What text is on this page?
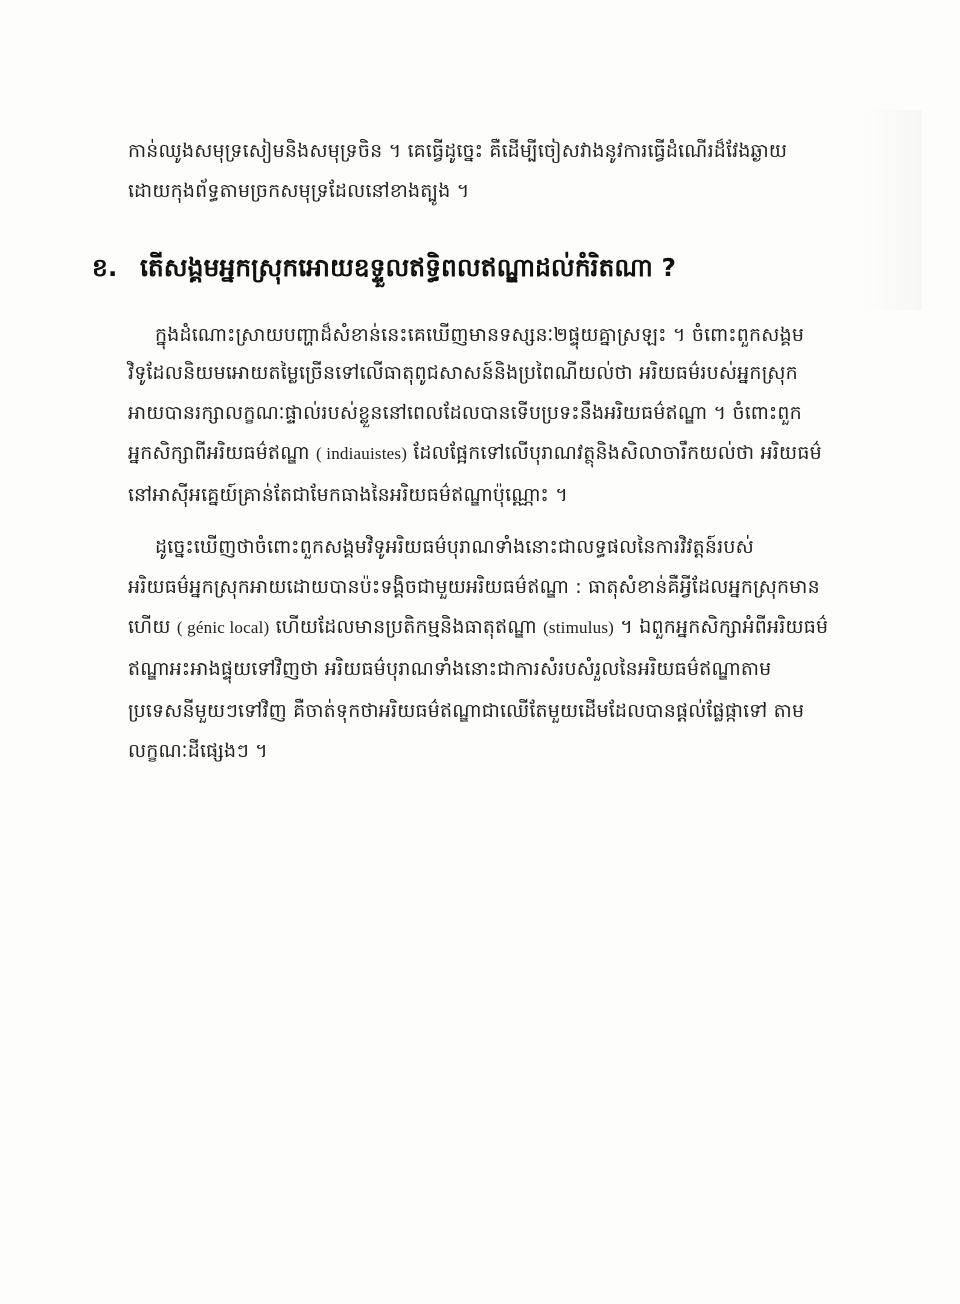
កាន់ឈូងសមុទ្រសៀមនិងសមុទ្រចិន ។ គេធ្វើដូច្នេះ គឺដើម្បីចៀសវាងនូវការធ្វើដំណើរដ៏វែងឆ្ងាយ
ដោយកុងព័ទ្ធតាមច្រកសមុទ្រដែលនៅខាងត្បូង ។
ខ. តើសង្គមអ្នកស្រុកអោយឧទ្ទួលឥទ្ធិពលឥណ្ឌាដល់កំរិតណា ?
ក្នុងដំណោះស្រាយបញ្ហាដ៏សំខាន់នេះគេឃើញមានទស្សនៈ២ផ្ទុយគ្នាស្រឡះ ។ ចំពោះពួកសង្គម
វិទូដែលនិយមអោយតម្លៃច្រើនទៅលើធាតុពូជសាសន៍និងប្រពៃណីយល់ថា អរិយធម៌របស់អ្នកស្រុក
អាយបានរក្សាលក្ខណៈផ្ទាល់របស់ខ្លួននៅពេលដែលបានទើបប្រទះនឹងអរិយធម៌ឥណ្ឌា ។ ចំពោះពួក
អ្នកសិក្សាពីអរិយធម៌ឥណ្ឌា ( indiauistes) ដែលផ្អែកទៅលើបុរាណវត្ថុនិងសិលាចារឹកយល់ថា អរិយធម៌
នៅអាស៊ីអគ្នេយ៍គ្រាន់តែជាមែកធាងនៃអរិយធម៌ឥណ្ឌាប៉ុណ្ណោះ ។
ដូច្នេះឃើញថាចំពោះពួកសង្គមវិទូអរិយធម៌បុរាណទាំងនោះជាលទ្ធផលនៃការវិវត្តន៍របស់
អរិយធម៌អ្នកស្រុកអាយដោយបានប៉ះទង្គិចជាមួយអរិយធម៌ឥណ្ឌា : ធាតុសំខាន់គឺអ្វីដែលអ្នកស្រុកមាន
ហើយ ( génic local) ហើយដែលមានប្រតិកម្មនិងធាតុឥណ្ឌា (stimulus) ។ ឯពួកអ្នកសិក្សាអំពីអរិយធម៌
ឥណ្ឌាអះអាងផ្ទុយទៅវិញថា អរិយធម៌បុរាណទាំងនោះជាការសំរបសំរួលនៃអរិយធម៌ឥណ្ឌាតាម
ប្រទេសនីមួយៗទៅវិញ គឺចាត់ទុកថាអរិយធម៌ឥណ្ឌាជាឈើតែមួយដើមដែលបានផ្តល់ផ្លែផ្កាទៅ តាម
លក្ខណៈដីផ្សេងៗ ។
